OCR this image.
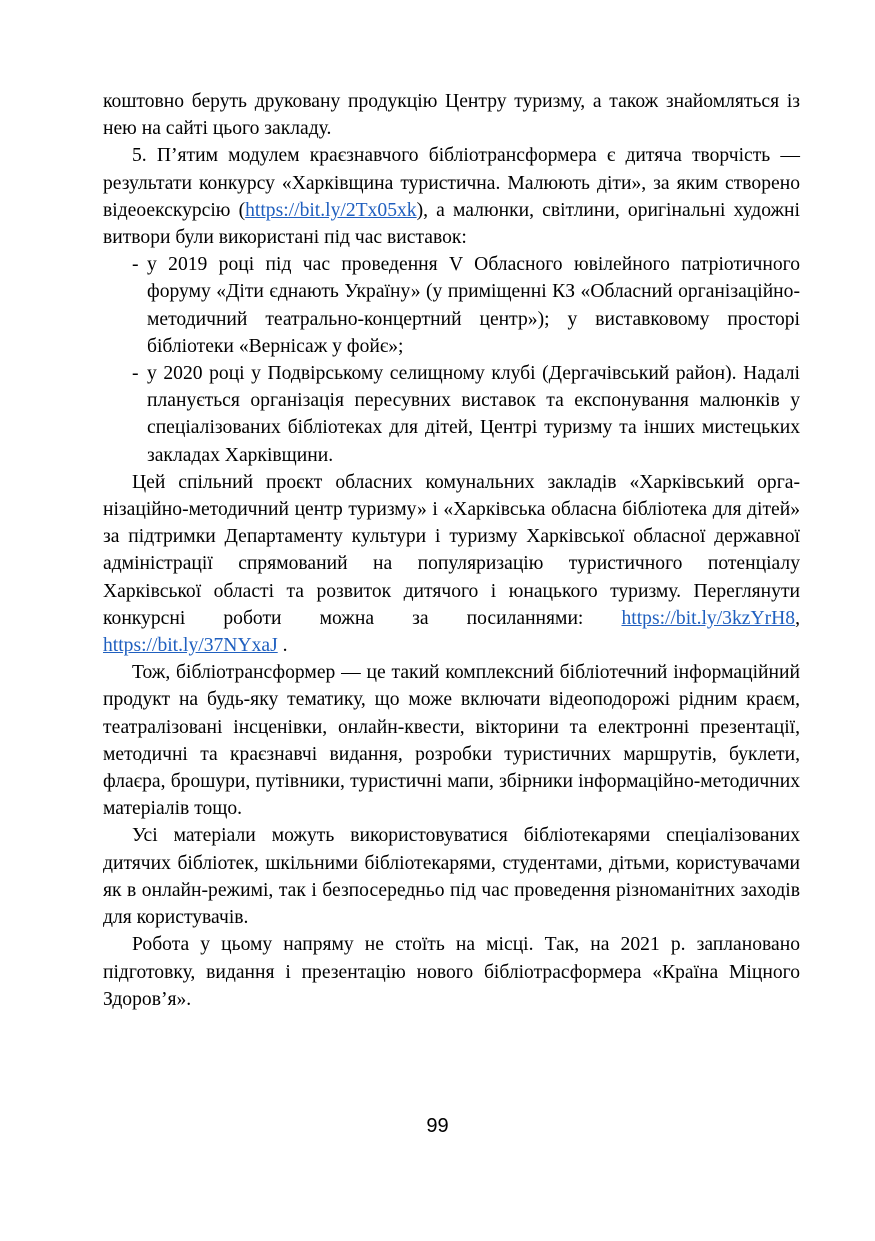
коштовно беруть друковану продукцію Центру туризму, а також знайомляться із нею на сайті цього закладу.

5. П’ятим модулем краєзнавчого бібліотрансформера є дитяча творчість — результати конкурсу «Харківщина туристична. Малюють діти», за яким створено відеоекскурсію (https://bit.ly/2Tx05xk), а малюнки, світлини, оригінальні художні витвори були використані під час виставок:

- у 2019 році під час проведення V Обласного ювілейного патріотичного форуму «Діти єднають Україну» (у приміщенні КЗ «Обласний організаційно-методичний театрально-концертний центр»); у виставковому просторі бібліотеки «Вернісаж у фойє»;
- у 2020 році у Подвірському селищному клубі (Дергачівський район). Надалі планується організація пересувних виставок та експонування малюнків у спеціалізованих бібліотеках для дітей, Центрі туризму та інших мистецьких закладах Харківщини.

Цей спільний проєкт обласних комунальних закладів «Харківський організаційно-методичний центр туризму» і «Харківська обласна бібліотека для дітей» за підтримки Департаменту культури і туризму Харківської обласної державної адміністрації спрямований на популяризацію туристичного потенціалу Харківської області та розвиток дитячого і юнацького туризму. Переглянути конкурсні роботи можна за посиланнями: https://bit.ly/3kzYrH8, https://bit.ly/37NYxaJ .

Тож, бібліотрансформер — це такий комплексний бібліотечний інформаційний продукт на будь-яку тематику, що може включати відеоподорожі рідним краєм, театралізовані інсценівки, онлайн-квести, вікторини та електронні презентації, методичні та краєзнавчі видання, розробки туристичних маршрутів, буклети, флаєра, брошури, путівники, туристичні мапи, збірники інформаційно-методичних матеріалів тощо.

Усі матеріали можуть використовуватися бібліотекарями спеціалізованих дитячих бібліотек, шкільними бібліотекарями, студентами, дітьми, користувачами як в онлайн-режимі, так і безпосередньо під час проведення різноманітних заходів для користувачів.

Робота у цьому напряму не стоїть на місці. Так, на 2021 р. заплановано підготовку, видання і презентацію нового бібліотрасформера «Країна Міцного Здоров’я».

99
